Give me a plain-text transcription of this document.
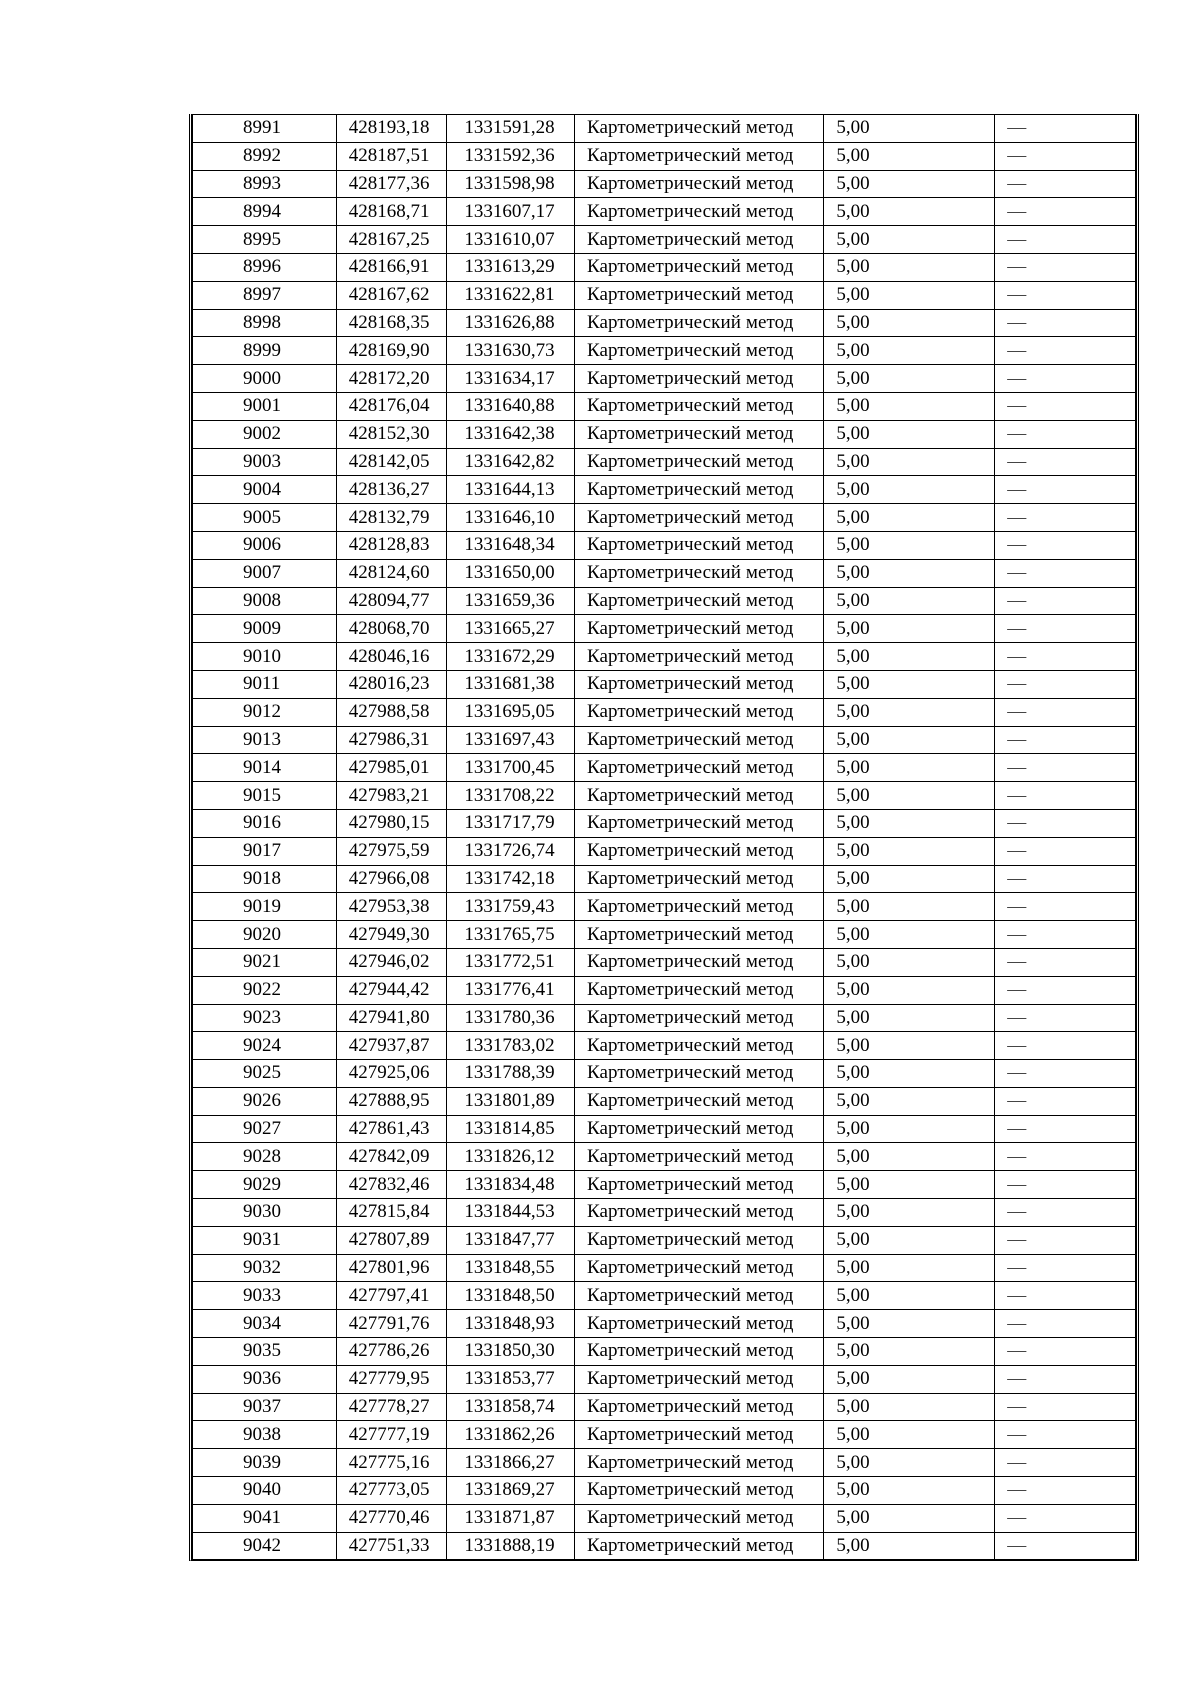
8991	428193,18	1331591,28	Картометрический метод	5,00	—
8992	428187,51	1331592,36	Картометрический метод	5,00	—
8993	428177,36	1331598,98	Картометрический метод	5,00	—
8994	428168,71	1331607,17	Картометрический метод	5,00	—
8995	428167,25	1331610,07	Картометрический метод	5,00	—
8996	428166,91	1331613,29	Картометрический метод	5,00	—
8997	428167,62	1331622,81	Картометрический метод	5,00	—
8998	428168,35	1331626,88	Картометрический метод	5,00	—
8999	428169,90	1331630,73	Картометрический метод	5,00	—
9000	428172,20	1331634,17	Картометрический метод	5,00	—
9001	428176,04	1331640,88	Картометрический метод	5,00	—
9002	428152,30	1331642,38	Картометрический метод	5,00	—
9003	428142,05	1331642,82	Картометрический метод	5,00	—
9004	428136,27	1331644,13	Картометрический метод	5,00	—
9005	428132,79	1331646,10	Картометрический метод	5,00	—
9006	428128,83	1331648,34	Картометрический метод	5,00	—
9007	428124,60	1331650,00	Картометрический метод	5,00	—
9008	428094,77	1331659,36	Картометрический метод	5,00	—
9009	428068,70	1331665,27	Картометрический метод	5,00	—
9010	428046,16	1331672,29	Картометрический метод	5,00	—
9011	428016,23	1331681,38	Картометрический метод	5,00	—
9012	427988,58	1331695,05	Картометрический метод	5,00	—
9013	427986,31	1331697,43	Картометрический метод	5,00	—
9014	427985,01	1331700,45	Картометрический метод	5,00	—
9015	427983,21	1331708,22	Картометрический метод	5,00	—
9016	427980,15	1331717,79	Картометрический метод	5,00	—
9017	427975,59	1331726,74	Картометрический метод	5,00	—
9018	427966,08	1331742,18	Картометрический метод	5,00	—
9019	427953,38	1331759,43	Картометрический метод	5,00	—
9020	427949,30	1331765,75	Картометрический метод	5,00	—
9021	427946,02	1331772,51	Картометрический метод	5,00	—
9022	427944,42	1331776,41	Картометрический метод	5,00	—
9023	427941,80	1331780,36	Картометрический метод	5,00	—
9024	427937,87	1331783,02	Картометрический метод	5,00	—
9025	427925,06	1331788,39	Картометрический метод	5,00	—
9026	427888,95	1331801,89	Картометрический метод	5,00	—
9027	427861,43	1331814,85	Картометрический метод	5,00	—
9028	427842,09	1331826,12	Картометрический метод	5,00	—
9029	427832,46	1331834,48	Картометрический метод	5,00	—
9030	427815,84	1331844,53	Картометрический метод	5,00	—
9031	427807,89	1331847,77	Картометрический метод	5,00	—
9032	427801,96	1331848,55	Картометрический метод	5,00	—
9033	427797,41	1331848,50	Картометрический метод	5,00	—
9034	427791,76	1331848,93	Картометрический метод	5,00	—
9035	427786,26	1331850,30	Картометрический метод	5,00	—
9036	427779,95	1331853,77	Картометрический метод	5,00	—
9037	427778,27	1331858,74	Картометрический метод	5,00	—
9038	427777,19	1331862,26	Картометрический метод	5,00	—
9039	427775,16	1331866,27	Картометрический метод	5,00	—
9040	427773,05	1331869,27	Картометрический метод	5,00	—
9041	427770,46	1331871,87	Картометрический метод	5,00	—
9042	427751,33	1331888,19	Картометрический метод	5,00	—
